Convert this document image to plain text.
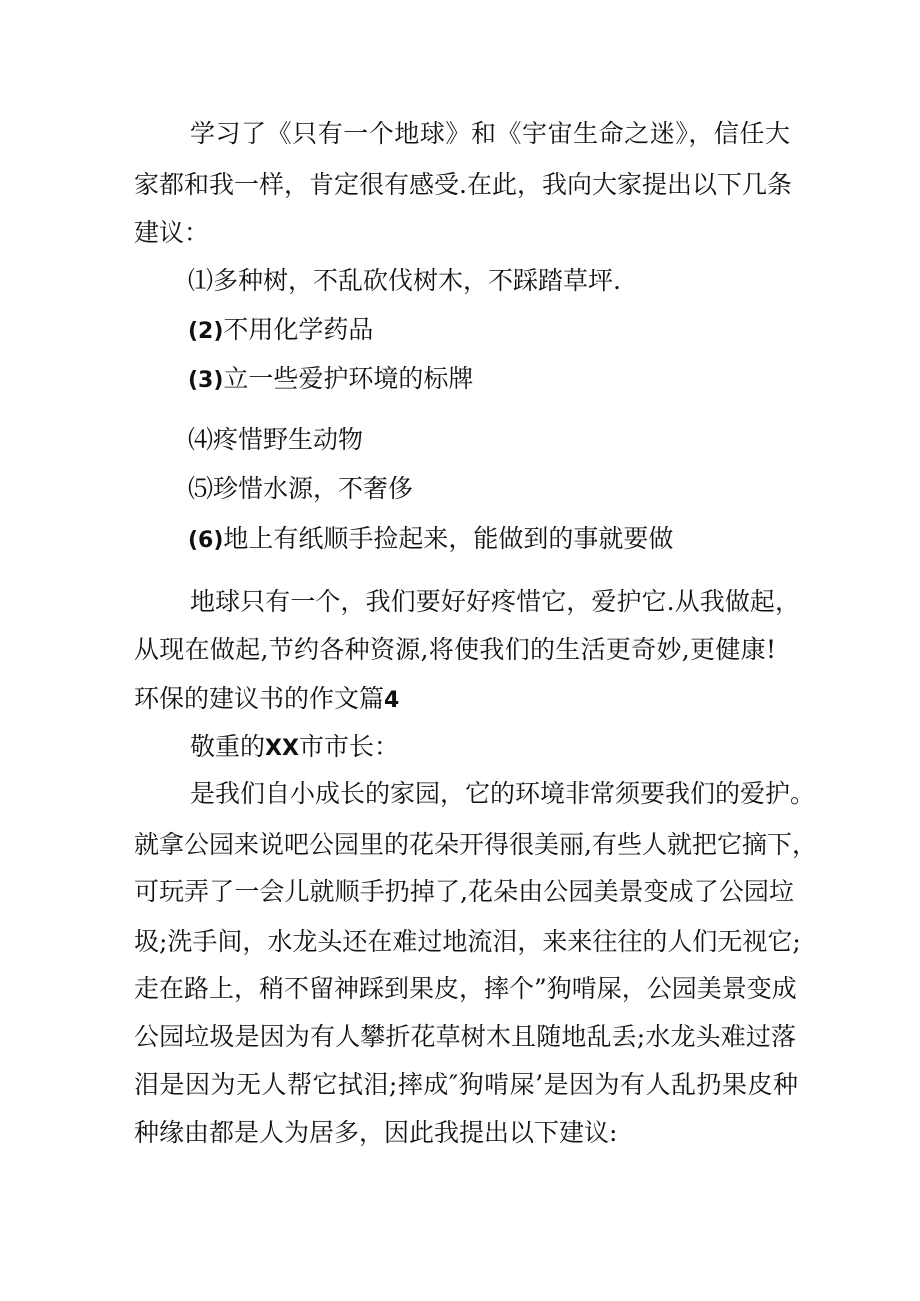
学习了《只有一个地球》和《宇宙生命之迷》，信任大
家都和我一样，肯定很有感受.在此，我向大家提出以下几条
建议：
⑴多种树，不乱砍伐树木，不踩踏草坪.
(2)不用化学药品
(3)立一些爱护环境的标牌
⑷疼惜野生动物
⑸珍惜水源，不奢侈
(6)地上有纸顺手捡起来，能做到的事就要做
地球只有一个，我们要好好疼惜它，爱护它.从我做起，
从现在做起,节约各种资源,将使我们的生活更奇妙,更健康!
环保的建议书的作文篇4
敬重的XX市市长：
是我们自小成长的家园，它的环境非常须要我们的爱护。
就拿公园来说吧公园里的花朵开得很美丽,有些人就把它摘下，
可玩弄了一会儿就顺手扔掉了,花朵由公园美景变成了公园垃
圾;洗手间，水龙头还在难过地流泪，来来往往的人们无视它;
走在路上，稍不留神踩到果皮，摔个”狗啃屎，公园美景变成
公园垃圾是因为有人攀折花草树木且随地乱丢;水龙头难过落
泪是因为无人帮它拭泪;摔成″狗啃屎’是因为有人乱扔果皮种
种缘由都是人为居多，因此我提出以下建议:
